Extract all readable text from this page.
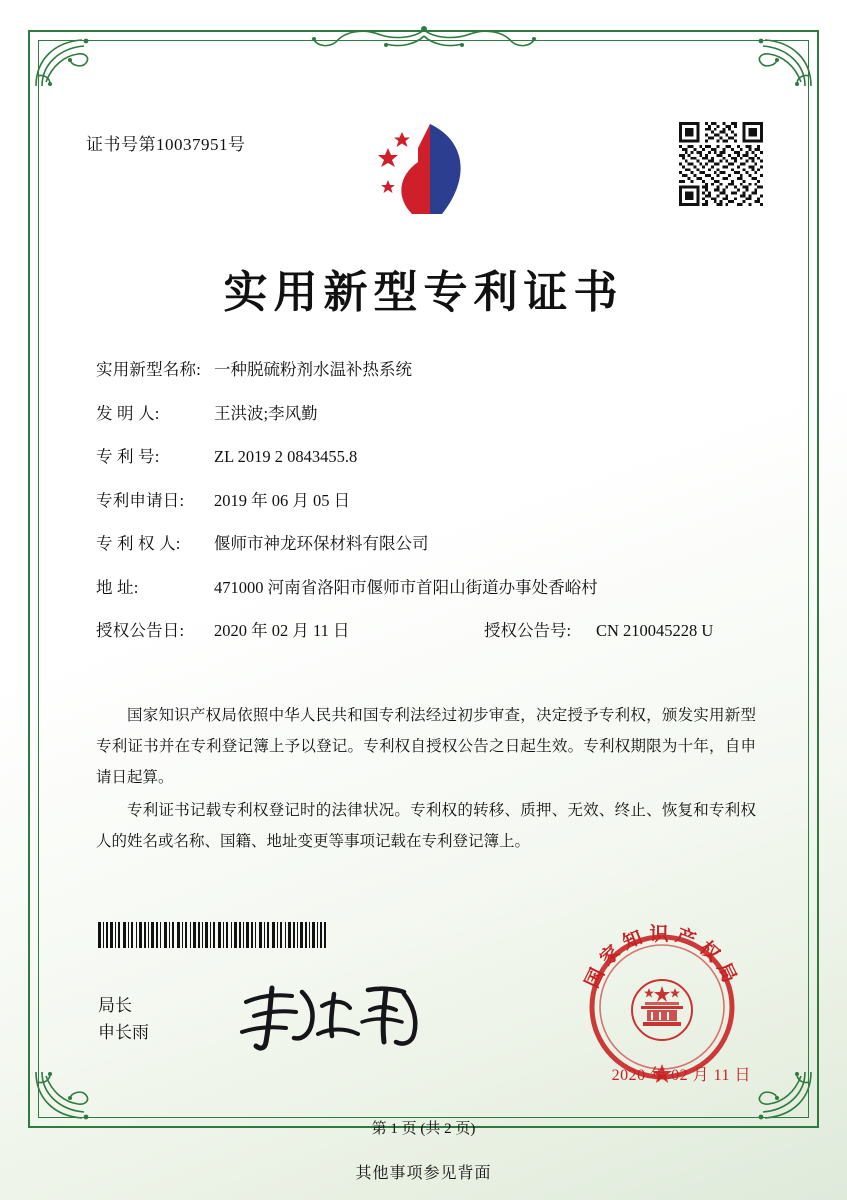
证书号第10037951号
实用新型专利证书
实用新型名称: 一种脱硫粉剂水温补热系统
发 明 人:	王洪波;李风勤
专 利 号:	ZL 2019 2 0843455.8
专利申请日:	2019 年 06 月 05 日
专 利 权 人:	偃师市神龙环保材料有限公司
地 址:	471000 河南省洛阳市偃师市首阳山街道办事处香峪村
授权公告日:	2020 年 02 月 11 日	授权公告号:	CN 210045228 U

国家知识产权局依照中华人民共和国专利法经过初步审查，决定授予专利权，颁发实用新型专利证书并在专利登记簿上予以登记。专利权自授权公告之日起生效。专利权期限为十年，自申请日起算。

专利证书记载专利权登记时的法律状况。专利权的转移、质押、无效、终止、恢复和专利权人的姓名或名称、国籍、地址变更等事项记载在专利登记簿上。

局长
申长雨
国家知识产权局
2020 年 02 月 11 日
第 1 页 (共 2 页)
其他事项参见背面
